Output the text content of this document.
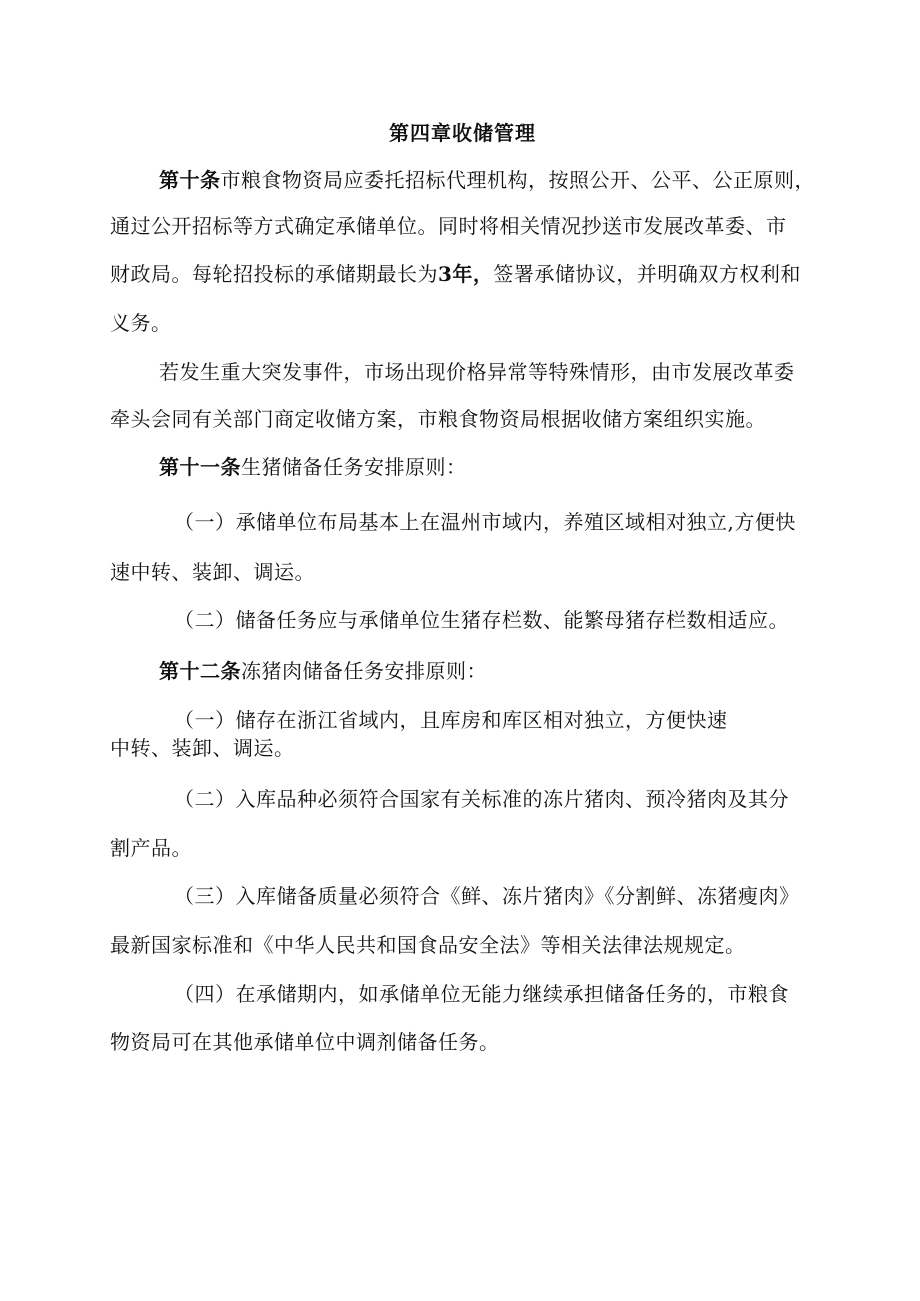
第四章收储管理
第十条市粮食物资局应委托招标代理机构，按照公开、公平、公正原则，
通过公开招标等方式确定承储单位。同时将相关情况抄送市发展改革委、市
财政局。每轮招投标的承储期最长为3年，签署承储协议，并明确双方权利和
义务。
若发生重大突发事件，市场出现价格异常等特殊情形，由市发展改革委
牵头会同有关部门商定收储方案，市粮食物资局根据收储方案组织实施。
第十一条生猪储备任务安排原则：
（一）承储单位布局基本上在温州市域内，养殖区域相对独立,方便快
速中转、装卸、调运。
（二）储备任务应与承储单位生猪存栏数、能繁母猪存栏数相适应。
第十二条冻猪肉储备任务安排原则：
（一）储存在浙江省域内，且库房和库区相对独立，方便快速
中转、装卸、调运。
（二）入库品种必须符合国家有关标准的冻片猪肉、预冷猪肉及其分
割产品。
（三）入库储备质量必须符合《鲜、冻片猪肉》《分割鲜、冻猪瘦肉》
最新国家标准和《中华人民共和国食品安全法》等相关法律法规规定。
（四）在承储期内，如承储单位无能力继续承担储备任务的，市粮食
物资局可在其他承储单位中调剂储备任务。
